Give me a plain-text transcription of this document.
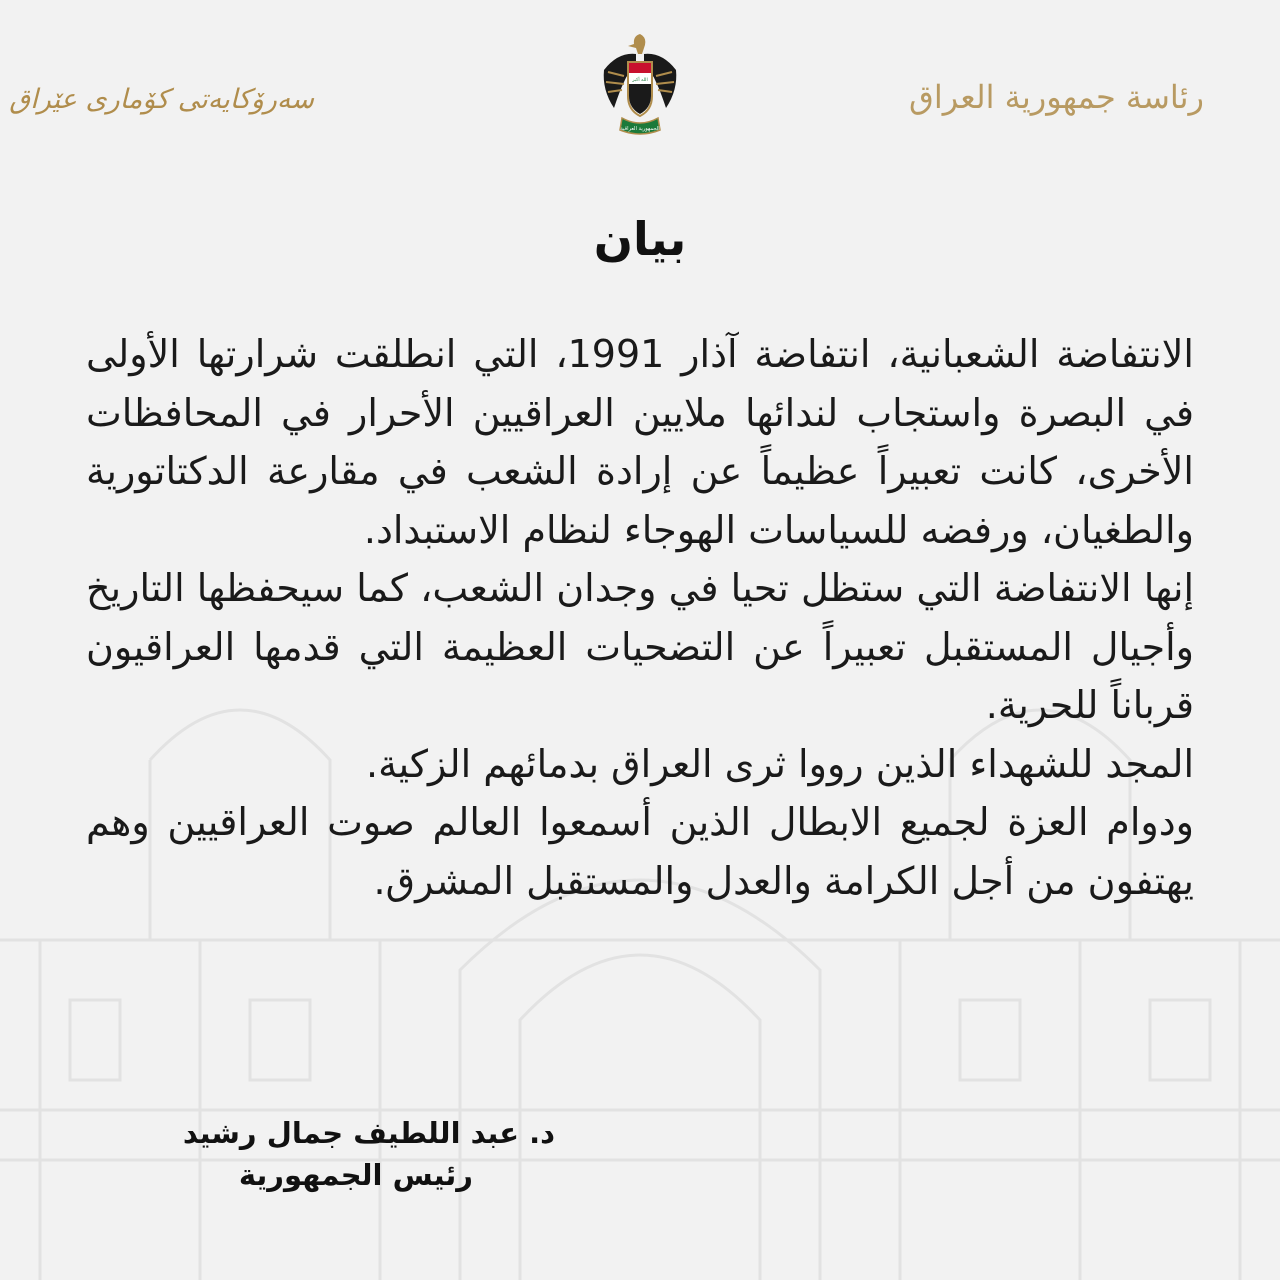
سەرۆکایەتی کۆماری عێراق
الله أكبر
الجمهورية العراقية
رئاسة جمهورية العراق
بيان

الانتفاضة الشعبانية، انتفاضة آذار 1991، التي انطلقت شرارتها الأولى في البصرة واستجاب لندائها ملايين العراقيين الأحرار في المحافظات الأخرى، كانت تعبيراً عظيماً عن إرادة الشعب في مقارعة الدكتاتورية والطغيان، ورفضه للسياسات الهوجاء لنظام الاستبداد.

إنها الانتفاضة التي ستظل تحيا في وجدان الشعب، كما سيحفظها التاريخ وأجيال المستقبل تعبيراً عن التضحيات العظيمة التي قدمها العراقيون قرباناً للحرية.

المجد للشهداء الذين رووا ثرى العراق بدمائهم الزكية.

ودوام العزة لجميع الابطال الذين أسمعوا العالم صوت العراقيين وهم يهتفون من أجل الكرامة والعدل والمستقبل المشرق.

د. عبد اللطيف جمال رشيد
رئيس الجمهورية
